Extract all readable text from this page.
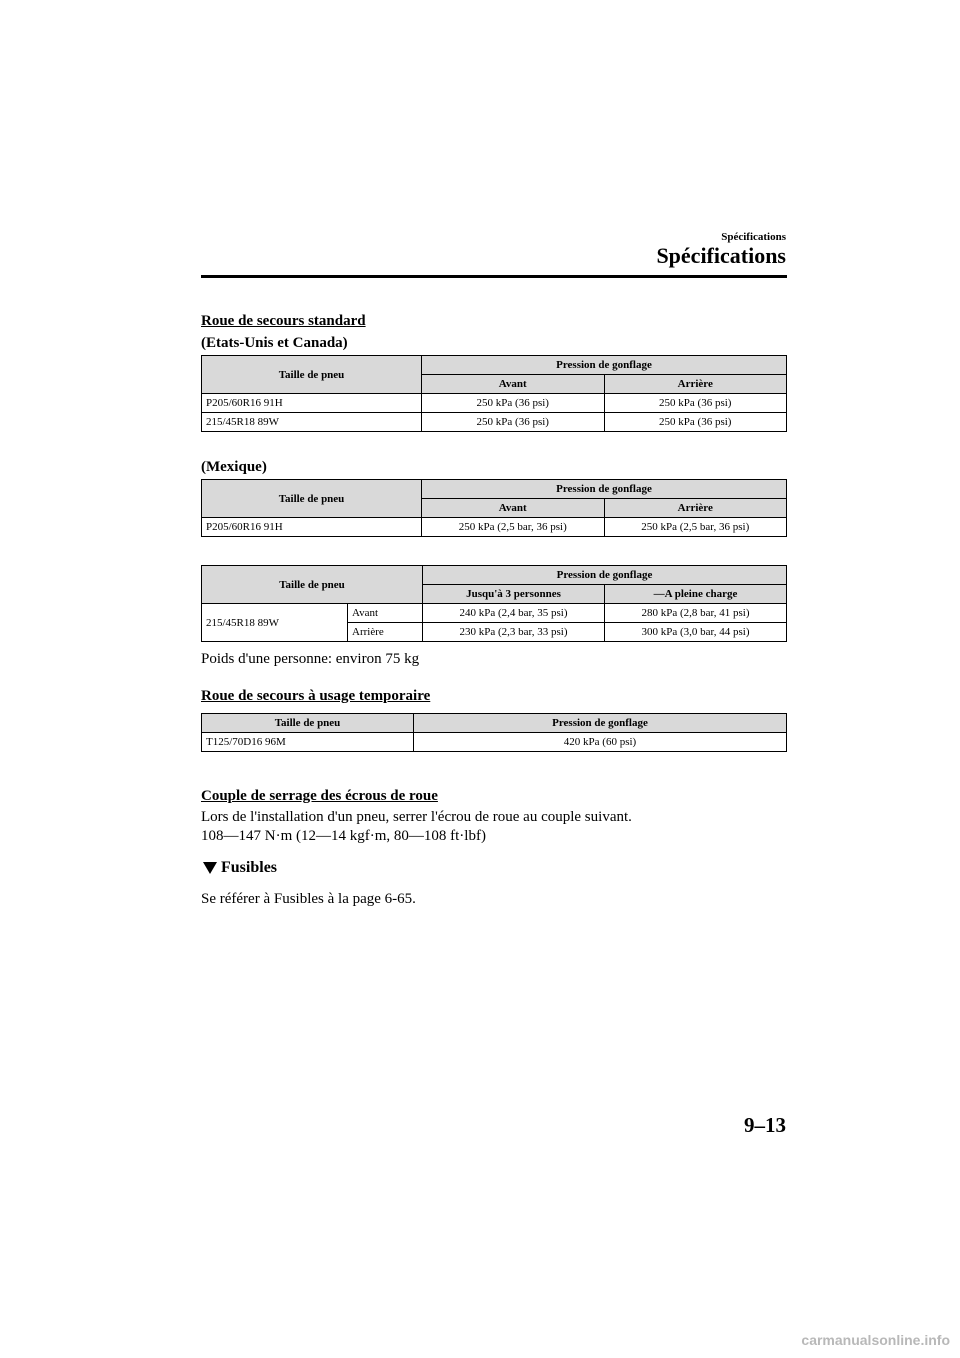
Spécifications
Spécifications

Roue de secours standard

(Etats-Unis et Canada)

Taille de pneu	Pression de gonflage	
	Avant	Arrière
P205/60R16 91H	250 kPa (36 psi)	250 kPa (36 psi)
215/45R18 89W	250 kPa (36 psi)	250 kPa (36 psi)

(Mexique)

Taille de pneu	Pression de gonflage	
	Avant	Arrière
P205/60R16 91H	250 kPa (2,5 bar, 36 psi)	250 kPa (2,5 bar, 36 psi)
Taille de pneu		Pression de gonflage	
		Jusqu'à 3 personnes	—A pleine charge
215/45R18 89W	Avant	240 kPa (2,4 bar, 35 psi)	280 kPa (2,8 bar, 41 psi)
	Arrière	230 kPa (2,3 bar, 33 psi)	300 kPa (3,0 bar, 44 psi)

Poids d'une personne: environ 75 kg

Roue de secours à usage temporaire

Taille de pneu	Pression de gonflage
T125/70D16 96M	420 kPa (60 psi)

Couple de serrage des écrous de roue

Lors de l'installation d'un pneu, serrer l'écrou de roue au couple suivant.

108—147 N·m (12—14 kgf·m, 80—108 ft·lbf)

Fusibles

Se référer à Fusibles à la page 6-65.

9–13
carmanualsonline.info
